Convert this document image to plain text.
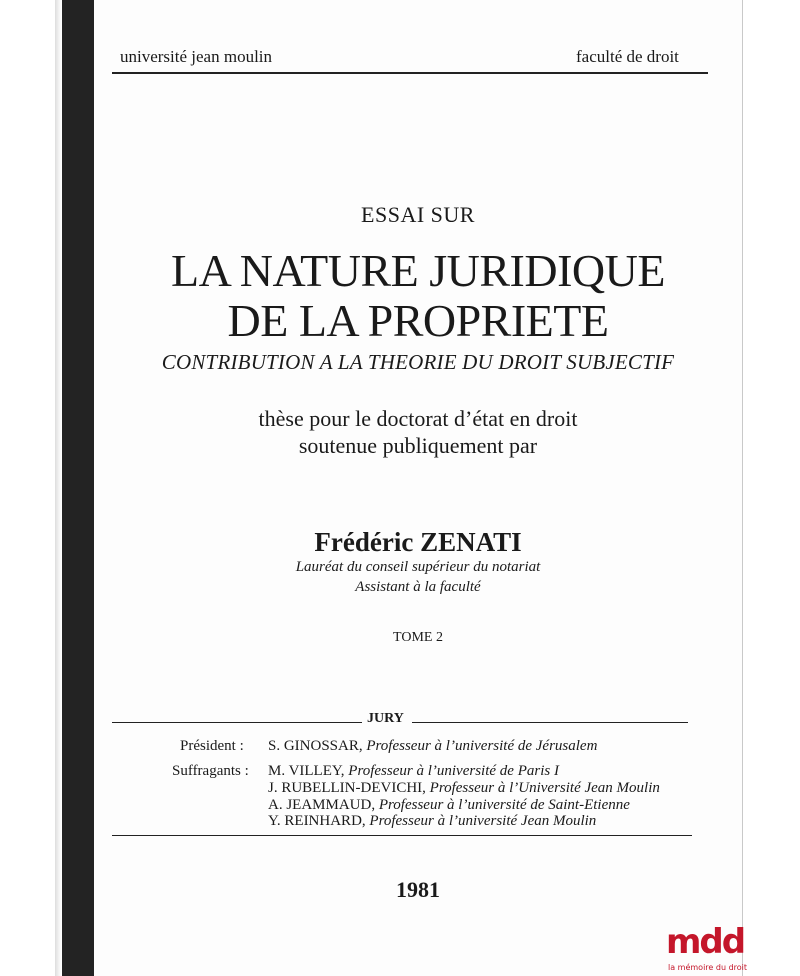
université jean moulin	faculté de droit
ESSAI SUR
LA NATURE JURIDIQUE
DE LA PROPRIETE
CONTRIBUTION A LA THEORIE DU DROIT SUBJECTIF
thèse pour le doctorat d’état en droit
soutenue publiquement par
Frédéric ZENATI
Lauréat du conseil supérieur du notariat
Assistant à la faculté
TOME 2
JURY
Président : S. GINOSSAR, Professeur à l’université de Jérusalem
Suffragants : M. VILLEY, Professeur à l’université de Paris I
J. RUBELLIN-DEVICHI, Professeur à l’Université Jean Moulin
A. JEAMMAUD, Professeur à l’université de Saint-Etienne
Y. REINHARD, Professeur à l’université Jean Moulin
1981
mdd
la mémoire du droit
